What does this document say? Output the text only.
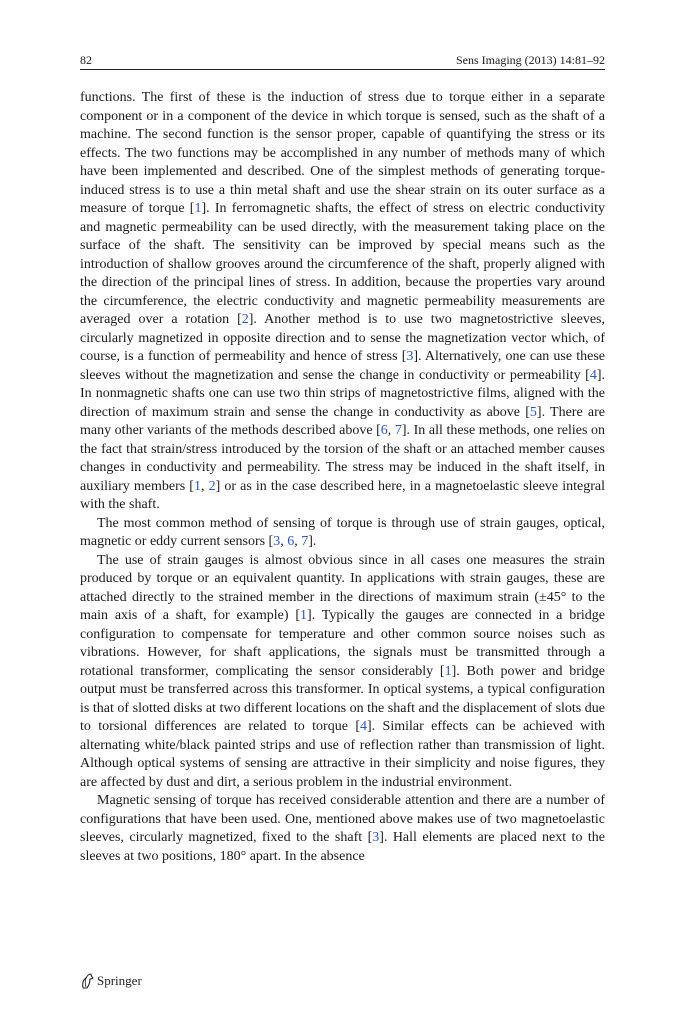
82	Sens Imaging (2013) 14:81–92

functions. The first of these is the induction of stress due to torque either in a separate component or in a component of the device in which torque is sensed, such as the shaft of a machine. The second function is the sensor proper, capable of quantifying the stress or its effects. The two functions may be accomplished in any number of methods many of which have been implemented and described. One of the simplest methods of generating torque-induced stress is to use a thin metal shaft and use the shear strain on its outer surface as a measure of torque [1]. In ferromagnetic shafts, the effect of stress on electric conductivity and magnetic permeability can be used directly, with the measurement taking place on the surface of the shaft. The sensitivity can be improved by special means such as the introduction of shallow grooves around the circumference of the shaft, properly aligned with the direction of the principal lines of stress. In addition, because the properties vary around the circumference, the electric conductivity and magnetic permeability measurements are averaged over a rotation [2]. Another method is to use two magnetostrictive sleeves, circularly magnetized in opposite direction and to sense the magnetization vector which, of course, is a function of permeability and hence of stress [3]. Alternatively, one can use these sleeves without the magnetization and sense the change in conductivity or permeability [4]. In nonmagnetic shafts one can use two thin strips of magnetostrictive films, aligned with the direction of maximum strain and sense the change in conductivity as above [5]. There are many other variants of the methods described above [6, 7]. In all these methods, one relies on the fact that strain/stress introduced by the torsion of the shaft or an attached member causes changes in conductivity and permeability. The stress may be induced in the shaft itself, in auxiliary members [1, 2] or as in the case described here, in a magnetoelastic sleeve integral with the shaft.

The most common method of sensing of torque is through use of strain gauges, optical, magnetic or eddy current sensors [3, 6, 7].

The use of strain gauges is almost obvious since in all cases one measures the strain produced by torque or an equivalent quantity. In applications with strain gauges, these are attached directly to the strained member in the directions of maximum strain (±45° to the main axis of a shaft, for example) [1]. Typically the gauges are connected in a bridge configuration to compensate for temperature and other common source noises such as vibrations. However, for shaft applications, the signals must be transmitted through a rotational transformer, complicating the sensor considerably [1]. Both power and bridge output must be transferred across this transformer. In optical systems, a typical configuration is that of slotted disks at two different locations on the shaft and the displacement of slots due to torsional differences are related to torque [4]. Similar effects can be achieved with alternating white/black painted strips and use of reflection rather than transmission of light. Although optical systems of sensing are attractive in their simplicity and noise figures, they are affected by dust and dirt, a serious problem in the industrial environment.

Magnetic sensing of torque has received considerable attention and there are a number of configurations that have been used. One, mentioned above makes use of two magnetoelastic sleeves, circularly magnetized, fixed to the shaft [3]. Hall elements are placed next to the sleeves at two positions, 180° apart. In the absence

Springer
